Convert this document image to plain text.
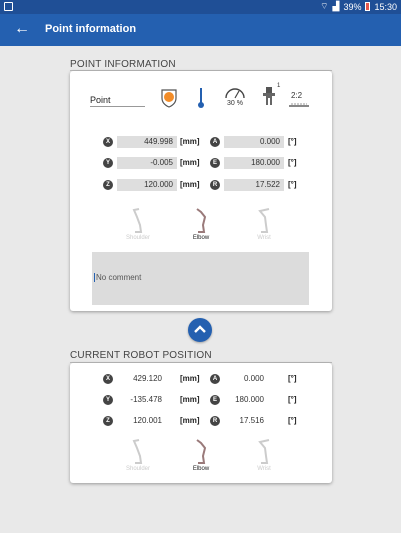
⌔ ▟ 39% 15:30
← Point information
POINT INFORMATION
Point	30 %
1
2:2
X	449.998 [mm]	A	0.000	[°]
Y	-0.005 [mm]	E	180.000	[°]
Z	120.000 [mm]	R	17.522	[°]
Shoulder	Elbow	Wrist
No comment
CURRENT ROBOT POSITION
X	429.120 [mm]	A	0.000	[°]
Y	-135.478 [mm]	E	180.000	[°]
Z	120.001 [mm]	R	17.516	[°]
Shoulder	Elbow	Wrist
